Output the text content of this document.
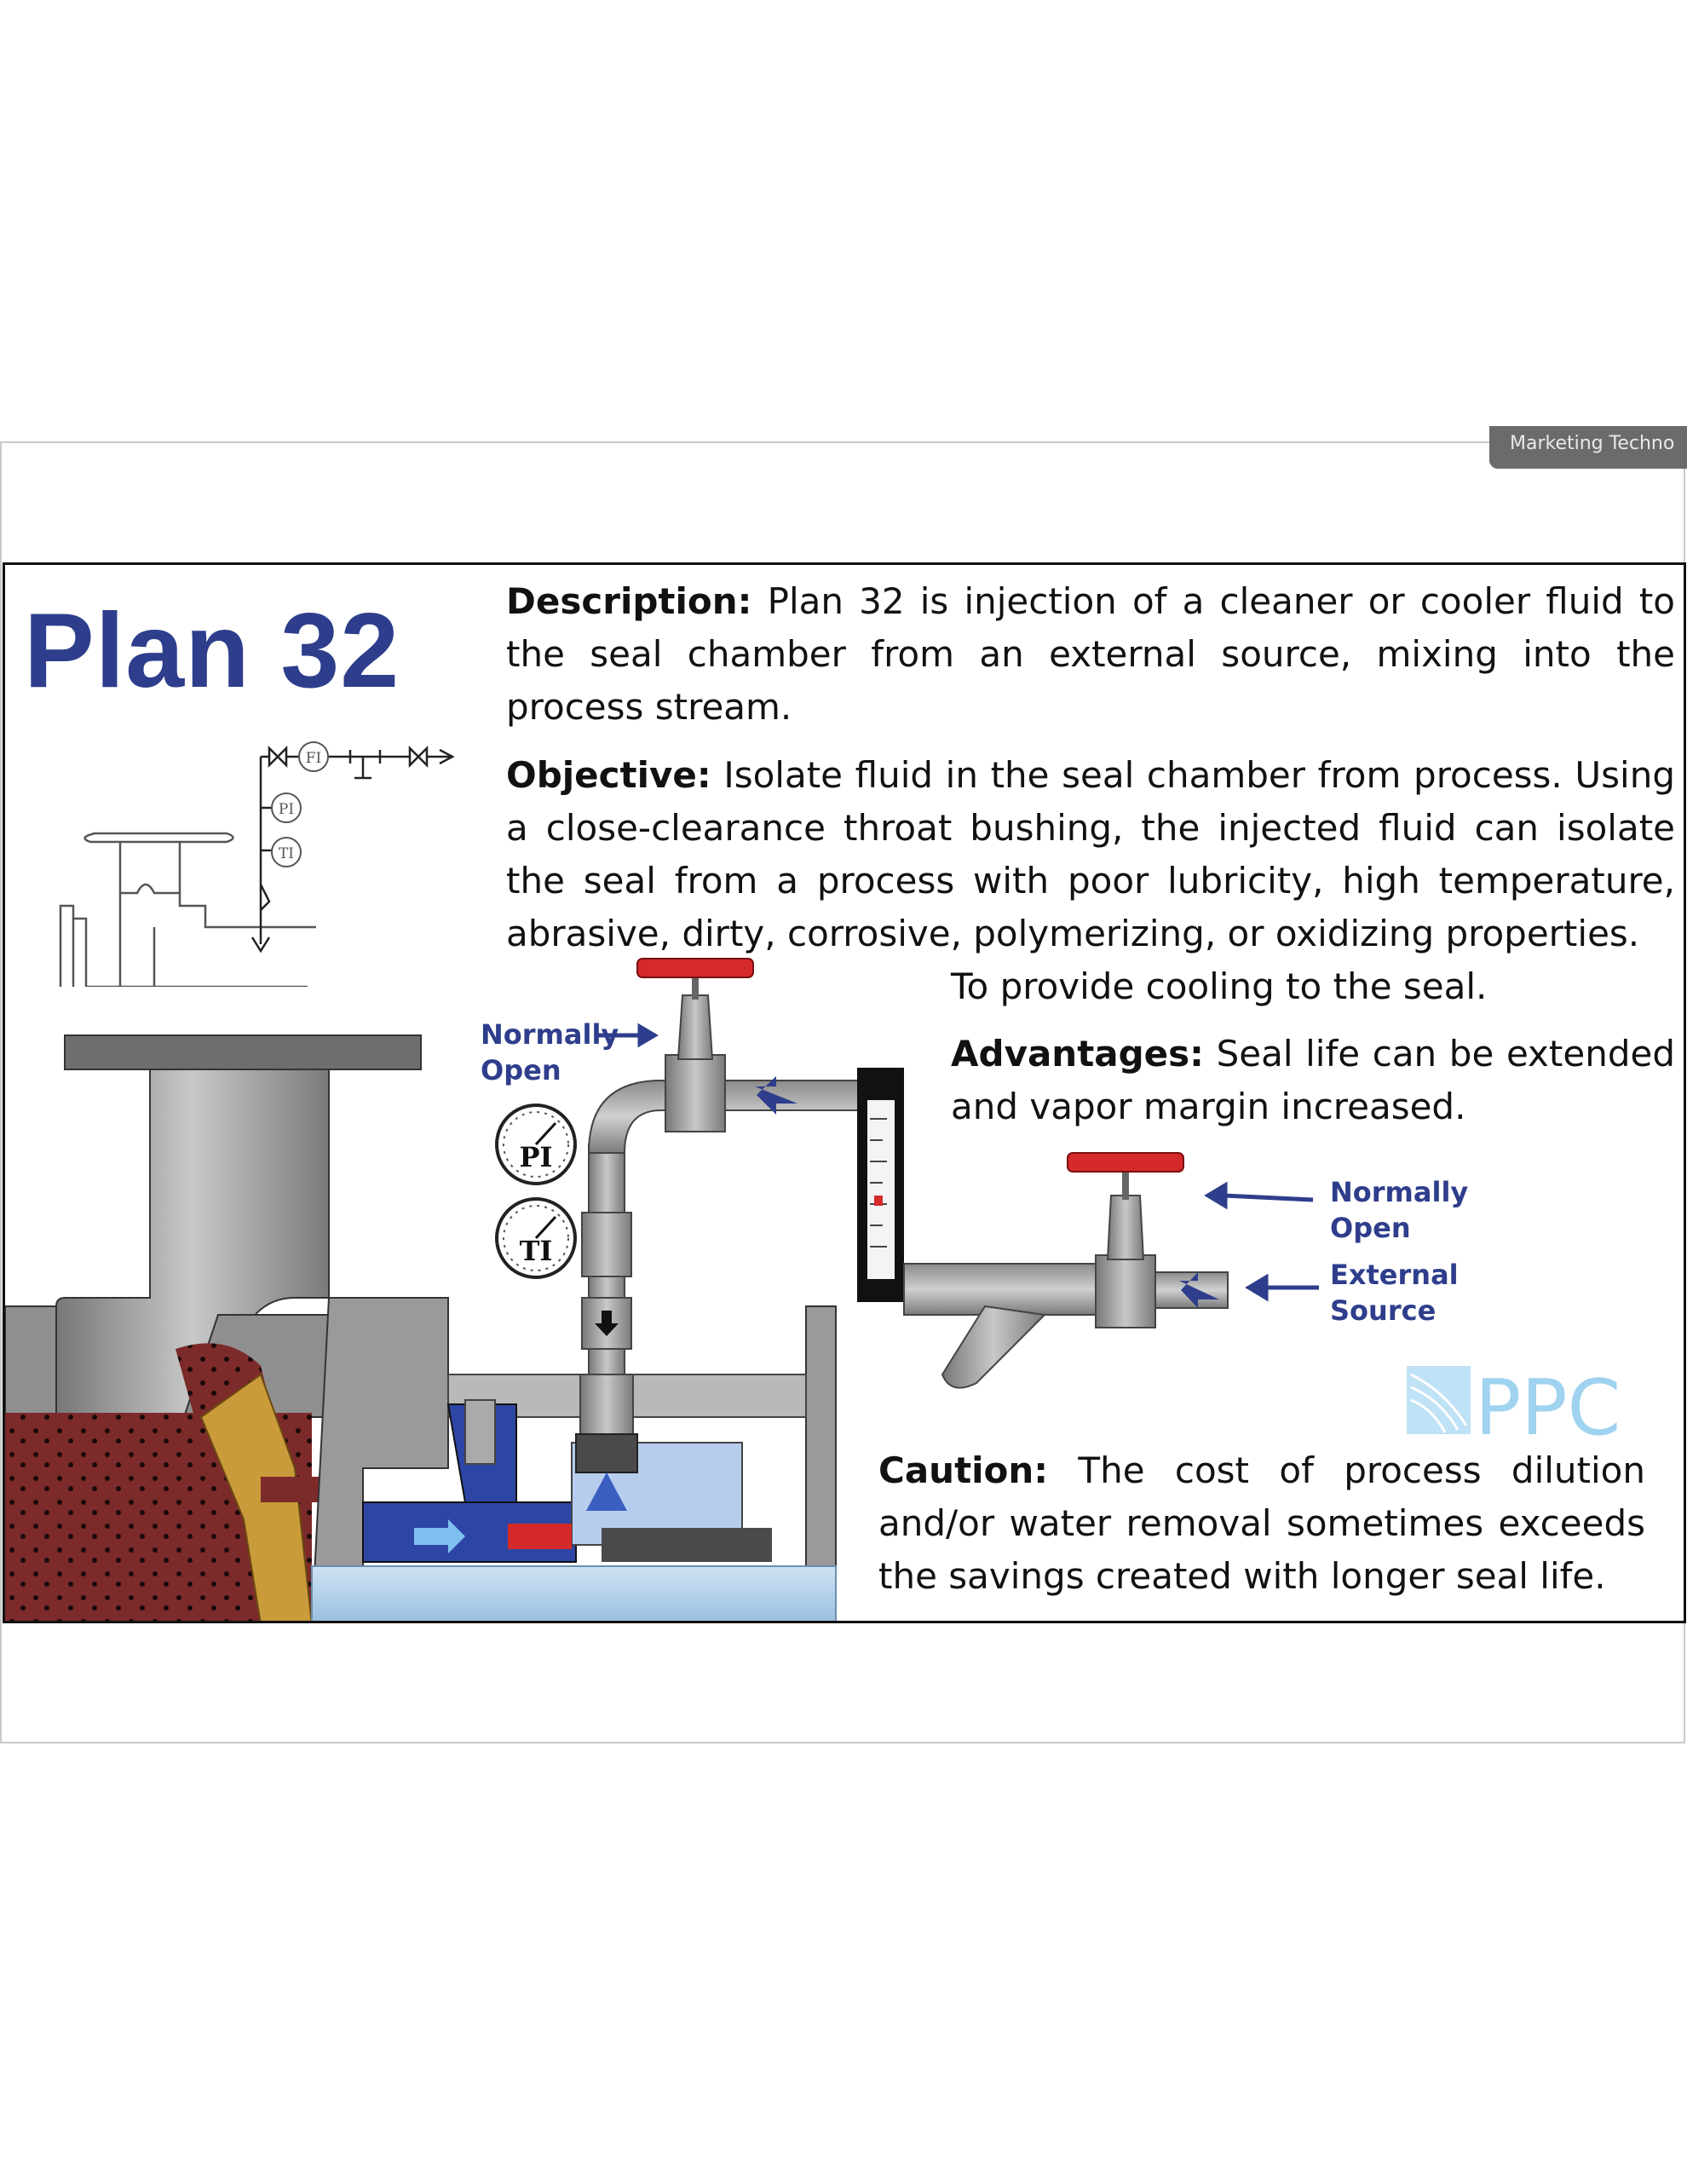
Marketing Techno
Plan 32	Description: Plan 32 is injection of a cleaner or cooler fluid to the seal chamber from an external source, mixing into the process stream.

Objective: Isolate fluid in the seal chamber from process. Using a close-clearance throat bushing, the injected fluid can isolate the seal from a process with poor lubricity, high temperature, abrasive, dirty, corrosive, polymerizing, or oxidizing properties.

To provide cooling to the seal.

Advantages: Seal life can be extended and vapor margin increased.

Caution: The cost of process dilution and/or water removal sometimes exceeds the savings created with longer seal life.

Normally
Open
Normally
Open
External
Source
FI
PI
TI
PI
TI
PPC
